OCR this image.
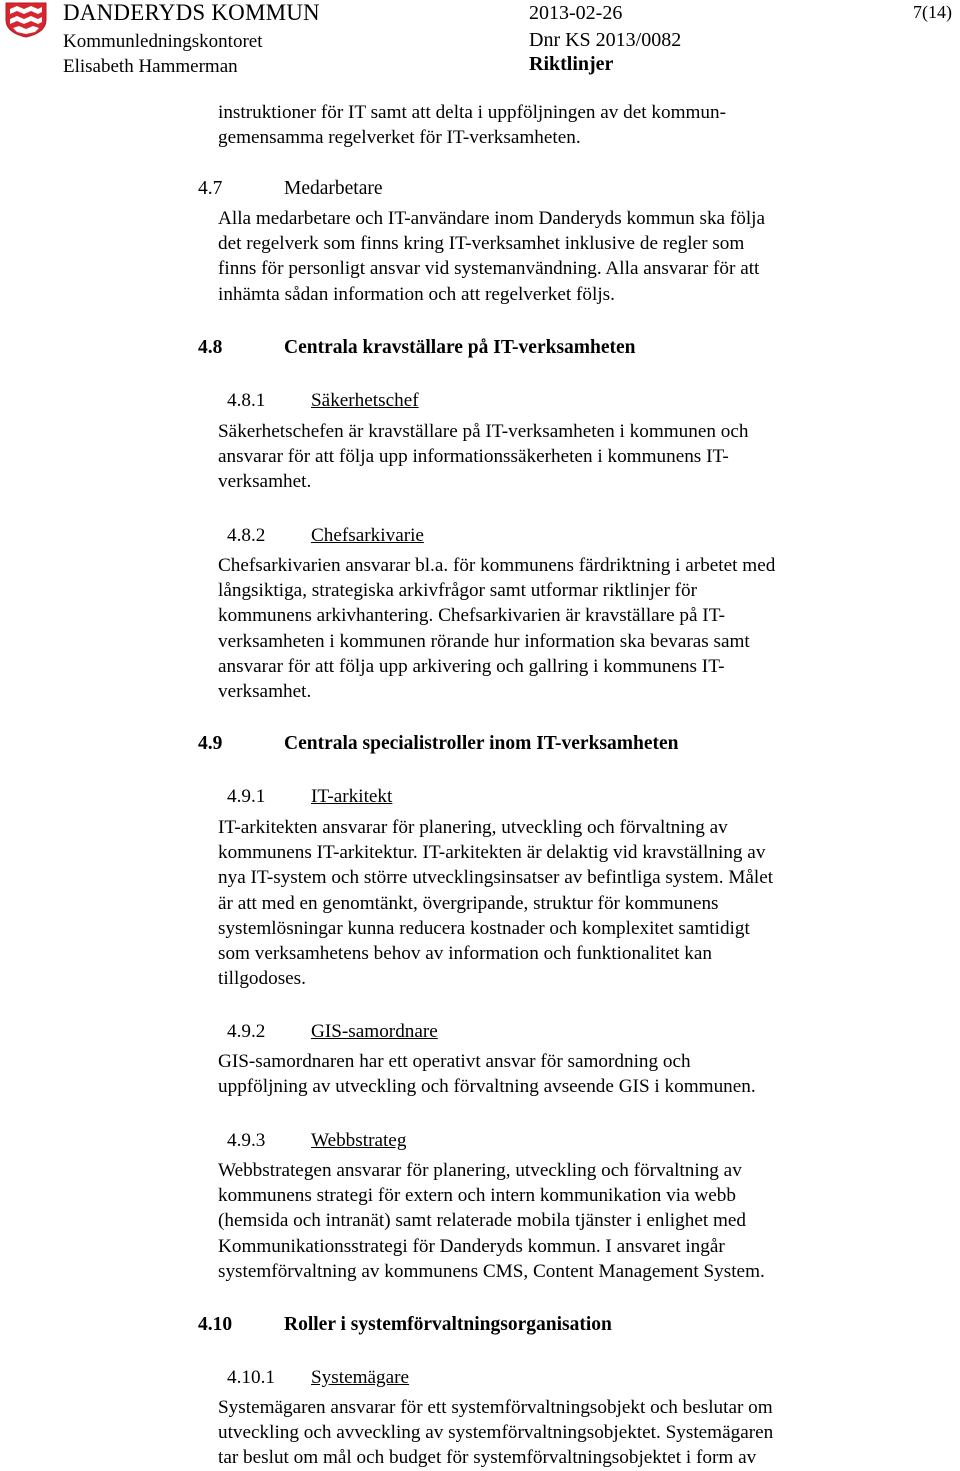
DANDERYDS KOMMUN
Kommunledningskontoret
Elisabeth Hammerman
2013-02-26
Dnr KS 2013/0082
Riktlinjer
7(14)
instruktioner för IT samt att delta i uppföljningen av det kommun-
gemensamma regelverket för IT-verksamheten.
4.7	Medarbetare
Alla medarbetare och IT-användare inom Danderyds kommun ska följa
det regelverk som finns kring IT-verksamhet inklusive de regler som
finns för personligt ansvar vid systemanvändning. Alla ansvarar för att
inhämta sådan information och att regelverket följs.
4.8	Centrala kravställare på IT-verksamheten
4.8.1 Säkerhetschef
Säkerhetschefen är kravställare på IT-verksamheten i kommunen och
ansvarar för att följa upp informationssäkerheten i kommunens IT-
verksamhet.
4.8.2 Chefsarkivarie
Chefsarkivarien ansvarar bl.a. för kommunens färdriktning i arbetet med
långsiktiga, strategiska arkivfrågor samt utformar riktlinjer för
kommunens arkivhantering. Chefsarkivarien är kravställare på IT-
verksamheten i kommunen rörande hur information ska bevaras samt
ansvarar för att följa upp arkivering och gallring i kommunens IT-
verksamhet.
4.9	Centrala specialistroller inom IT-verksamheten
4.9.1 IT-arkitekt
IT-arkitekten ansvarar för planering, utveckling och förvaltning av
kommunens IT-arkitektur. IT-arkitekten är delaktig vid kravställning av
nya IT-system och större utvecklingsinsatser av befintliga system. Målet
är att med en genomtänkt, övergripande, struktur för kommunens
systemlösningar kunna reducera kostnader och komplexitet samtidigt
som verksamhetens behov av information och funktionalitet kan
tillgodoses.
4.9.2 GIS-samordnare
GIS-samordnaren har ett operativt ansvar för samordning och
uppföljning av utveckling och förvaltning avseende GIS i kommunen.
4.9.3 Webbstrateg
Webbstrategen ansvarar för planering, utveckling och förvaltning av
kommunens strategi för extern och intern kommunikation via webb
(hemsida och intranät) samt relaterade mobila tjänster i enlighet med
Kommunikationsstrategi för Danderyds kommun. I ansvaret ingår
systemförvaltning av kommunens CMS, Content Management System.
4.10	Roller i systemförvaltningsorganisation
4.10.1 Systemägare
Systemägaren ansvarar för ett systemförvaltningsobjekt och beslutar om
utveckling och avveckling av systemförvaltningsobjektet. Systemägaren
tar beslut om mål och budget för systemförvaltningsobjektet i form av
